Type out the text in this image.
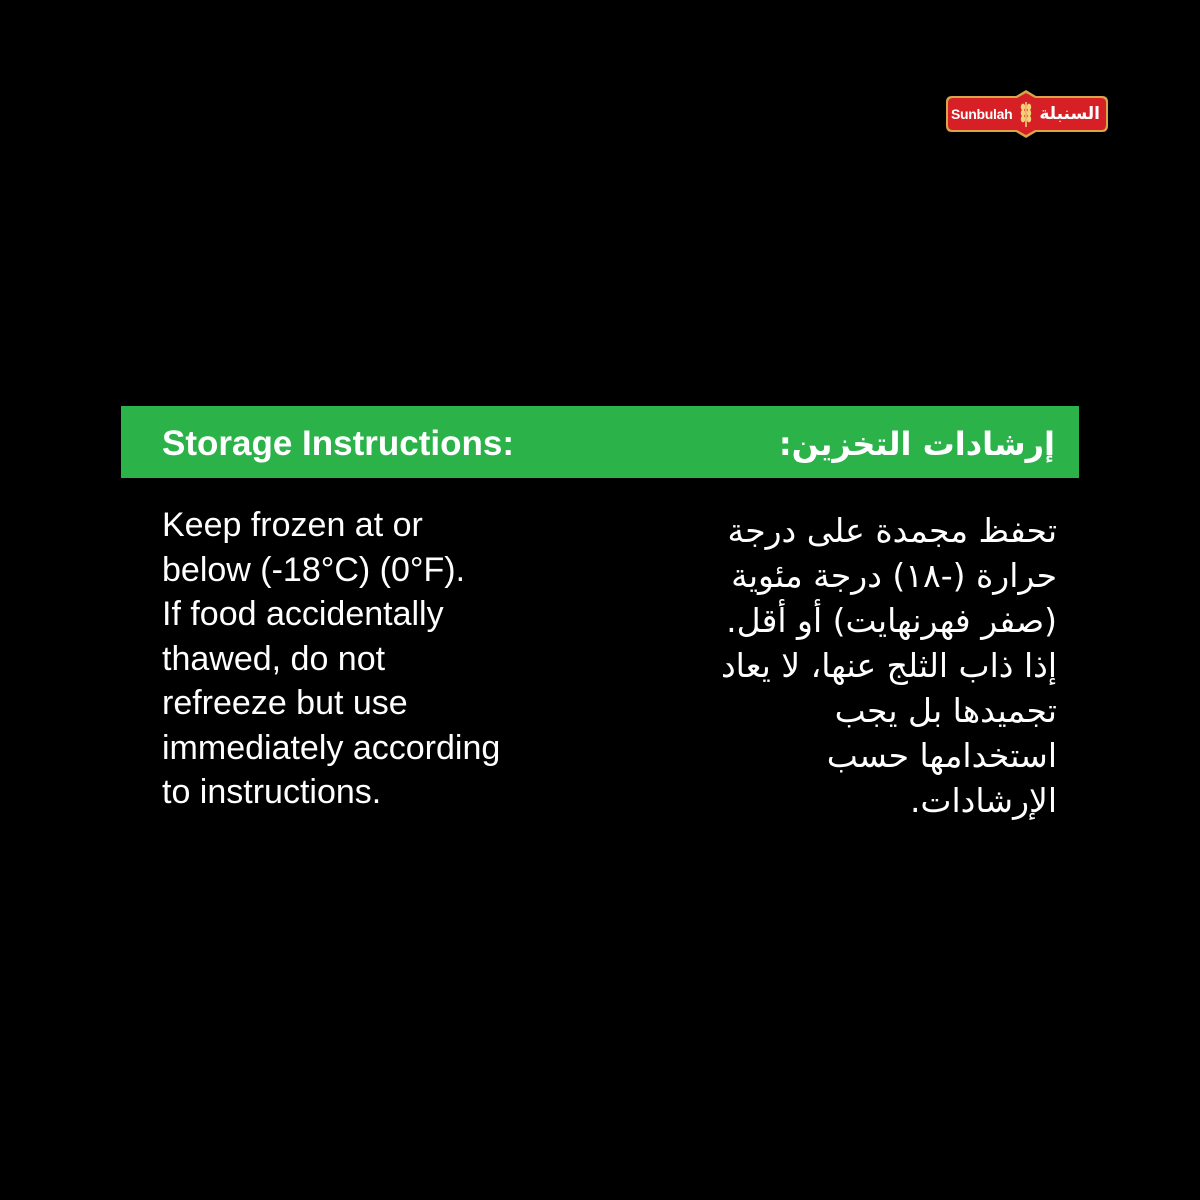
Sunbulah السنبلة
Storage Instructions:	إرشادات التخزين:
Keep frozen at or
below (-18°C) (0°F).
If food accidentally
thawed, do not
refreeze but use
immediately according
to instructions.
تحفظ مجمدة على درجة
حرارة (-١٨) درجة مئوية
(صفر فهرنهايت) أو أقل.
إذا ذاب الثلج عنها، لا يعاد
تجميدها بل يجب
استخدامها حسب
الإرشادات.
